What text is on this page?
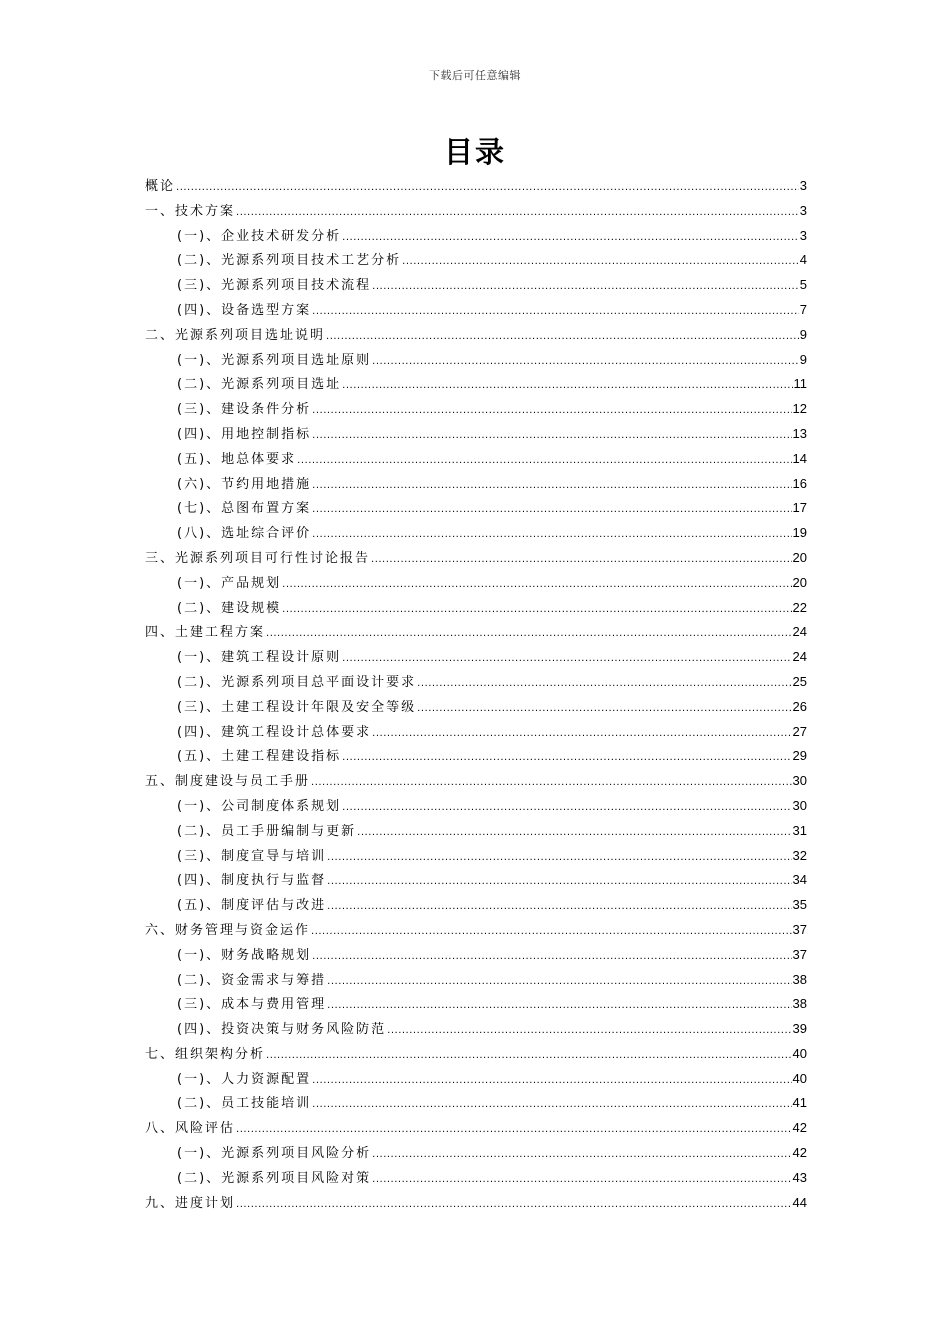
下载后可任意编辑
目录
概论 .....	3
一、技术方案 .....	3
(一)、企业技术研发分析 .....	3
(二)、光源系列项目技术工艺分析 .....	4
(三)、光源系列项目技术流程 .....	5
(四)、设备选型方案 .....	7
二、光源系列项目选址说明 .....	9
(一)、光源系列项目选址原则 .....	9
(二)、光源系列项目选址 .....	11
(三)、建设条件分析 .....	12
(四)、用地控制指标 .....	13
(五)、地总体要求 .....	14
(六)、节约用地措施 .....	16
(七)、总图布置方案 .....	17
(八)、选址综合评价 .....	19
三、光源系列项目可行性讨论报告 .....	20
(一)、产品规划 .....	20
(二)、建设规模 .....	22
四、土建工程方案 .....	24
(一)、建筑工程设计原则 .....	24
(二)、光源系列项目总平面设计要求 .....	25
(三)、土建工程设计年限及安全等级 .....	26
(四)、建筑工程设计总体要求 .....	27
(五)、土建工程建设指标 .....	29
五、制度建设与员工手册 .....	30
(一)、公司制度体系规划 .....	30
(二)、员工手册编制与更新 .....	31
(三)、制度宣导与培训 .....	32
(四)、制度执行与监督 .....	34
(五)、制度评估与改进 .....	35
六、财务管理与资金运作 .....	37
(一)、财务战略规划 .....	37
(二)、资金需求与筹措 .....	38
(三)、成本与费用管理 .....	38
(四)、投资决策与财务风险防范 .....	39
七、组织架构分析 .....	40
(一)、人力资源配置 .....	40
(二)、员工技能培训 .....	41
八、风险评估 .....	42
(一)、光源系列项目风险分析 .....	42
(二)、光源系列项目风险对策 .....	43
九、进度计划 .....	44
